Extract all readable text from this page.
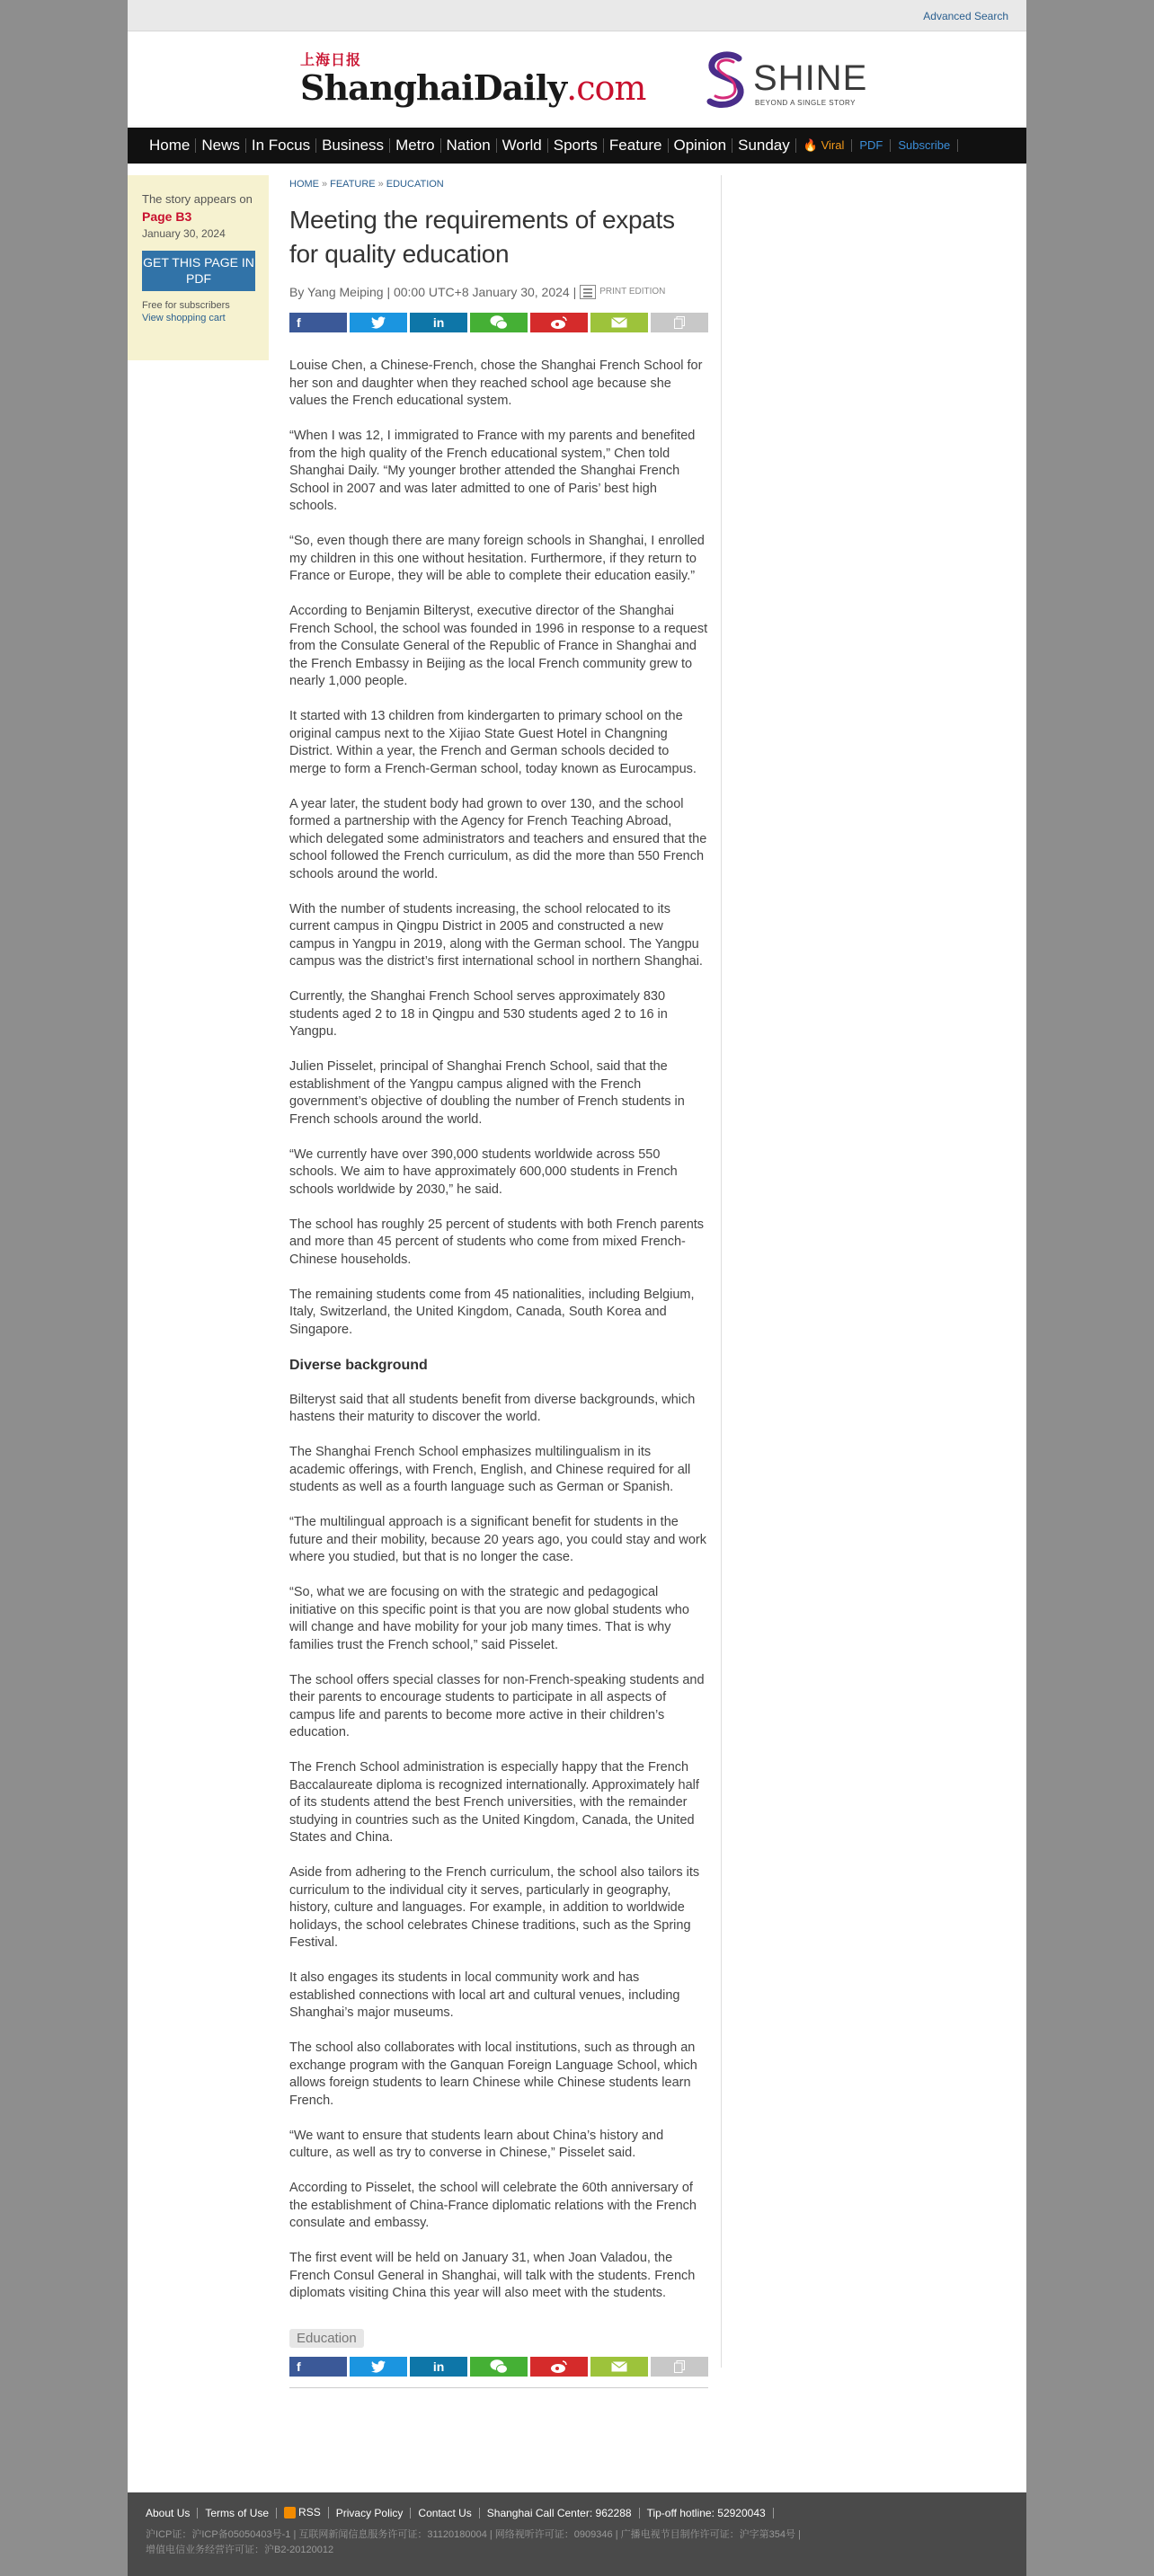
Advanced Search
上海日报
ShanghaiDaily.com	SHINE
BEYOND A SINGLE STORY
Home News In Focus Business Metro Nation World Sports Feature Opinion Sunday	🔥 Viral	PDF	Subscribe
The story appears on
Page B3
January 30, 2024
GET THIS PAGE IN PDF
Free for subscribers
View shopping cart
HOME » FEATURE » EDUCATION
Meeting the requirements of expats for quality education
By Yang Meiping | 00:00 UTC+8 January 30, 2024 |	PRINT EDITION
f	in

Louise Chen, a Chinese-French, chose the Shanghai French School for her son and daughter when they reached school age because she values the French educational system.

“When I was 12, I immigrated to France with my parents and benefited from the high quality of the French educational system,” Chen told Shanghai Daily. “My younger brother attended the Shanghai French School in 2007 and was later admitted to one of Paris’ best high schools.

“So, even though there are many foreign schools in Shanghai, I enrolled my children in this one without hesitation. Furthermore, if they return to France or Europe, they will be able to complete their education easily.”

According to Benjamin Bilteryst, executive director of the Shanghai French School, the school was founded in 1996 in response to a request from the Consulate General of the Republic of France in Shanghai and the French Embassy in Beijing as the local French community grew to nearly 1,000 people.

It started with 13 children from kindergarten to primary school on the original campus next to the Xijiao State Guest Hotel in Changning District. Within a year, the French and German schools decided to merge to form a French-German school, today known as Eurocampus.

A year later, the student body had grown to over 130, and the school formed a partnership with the Agency for French Teaching Abroad, which delegated some administrators and teachers and ensured that the school followed the French curriculum, as did the more than 550 French schools around the world.

With the number of students increasing, the school relocated to its current campus in Qingpu District in 2005 and constructed a new campus in Yangpu in 2019, along with the German school. The Yangpu campus was the district’s first international school in northern Shanghai.

Currently, the Shanghai French School serves approximately 830 students aged 2 to 18 in Qingpu and 530 students aged 2 to 16 in Yangpu.

Julien Pisselet, principal of Shanghai French School, said that the establishment of the Yangpu campus aligned with the French government’s objective of doubling the number of French students in French schools around the world.

“We currently have over 390,000 students worldwide across 550 schools. We aim to have approximately 600,000 students in French schools worldwide by 2030,” he said.

The school has roughly 25 percent of students with both French parents and more than 45 percent of students who come from mixed French-Chinese households.

The remaining students come from 45 nationalities, including Belgium, Italy, Switzerland, the United Kingdom, Canada, South Korea and Singapore.

Diverse background

Bilteryst said that all students benefit from diverse backgrounds, which hastens their maturity to discover the world.

The Shanghai French School emphasizes multilingualism in its academic offerings, with French, English, and Chinese required for all students as well as a fourth language such as German or Spanish.

“The multilingual approach is a significant benefit for students in the future and their mobility, because 20 years ago, you could stay and work where you studied, but that is no longer the case.

“So, what we are focusing on with the strategic and pedagogical initiative on this specific point is that you are now global students who will change and have mobility for your job many times. That is why families trust the French school,” said Pisselet.

The school offers special classes for non-French-speaking students and their parents to encourage students to participate in all aspects of campus life and parents to become more active in their children’s education.

The French School administration is especially happy that the French Baccalaureate diploma is recognized internationally. Approximately half of its students attend the best French universities, with the remainder studying in countries such as the United Kingdom, Canada, the United States and China.

Aside from adhering to the French curriculum, the school also tailors its curriculum to the individual city it serves, particularly in geography, history, culture and languages. For example, in addition to worldwide holidays, the school celebrates Chinese traditions, such as the Spring Festival.

It also engages its students in local community work and has established connections with local art and cultural venues, including Shanghai’s major museums.

The school also collaborates with local institutions, such as through an exchange program with the Ganquan Foreign Language School, which allows foreign students to learn Chinese while Chinese students learn French.

“We want to ensure that students learn about China’s history and culture, as well as try to converse in Chinese,” Pisselet said.

According to Pisselet, the school will celebrate the 60th anniversary of the establishment of China-France diplomatic relations with the French consulate and embassy.

The first event will be held on January 31, when Joan Valadou, the French Consul General in Shanghai, will talk with the students. French diplomats visiting China this year will also meet with the students.

Education
f	in
About Us	Terms of Use	RSS	Privacy Policy	Contact Us	Shanghai Call Center: 962288	Tip-off hotline: 52920043
沪ICP证：沪ICP备05050403号-1 | 互联网新闻信息服务许可证：31120180004 | 网络视听许可证：0909346 | 广播电视节目制作许可证：沪字第354号 |
增值电信业务经营许可证：沪B2-20120012
